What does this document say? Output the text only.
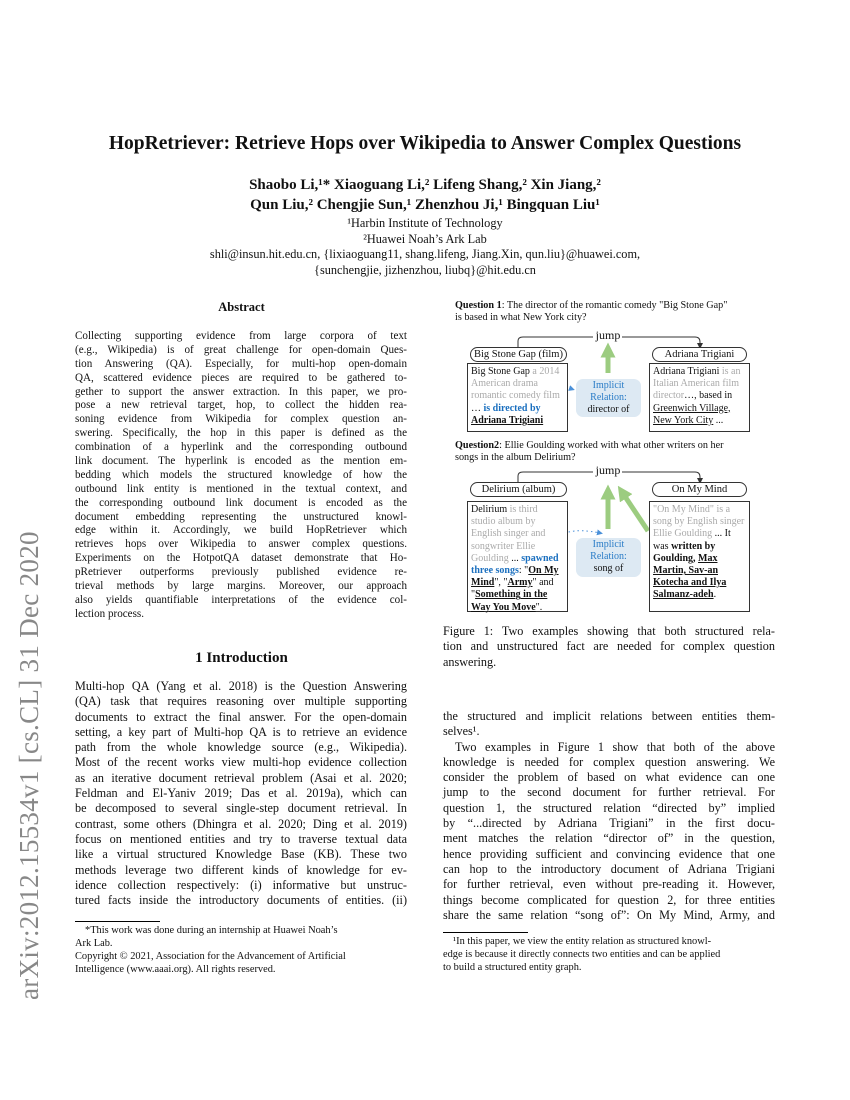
arXiv:2012.15534v1 [cs.CL] 31 Dec 2020
HopRetriever: Retrieve Hops over Wikipedia to Answer Complex Questions
Shaobo Li,¹* Xiaoguang Li,² Lifeng Shang,² Xin Jiang,²
Qun Liu,² Chengjie Sun,¹ Zhenzhou Ji,¹ Bingquan Liu¹
¹Harbin Institute of Technology
²Huawei Noah’s Ark Lab
shli@insun.hit.edu.cn, {lixiaoguang11, shang.lifeng, Jiang.Xin, qun.liu}@huawei.com,
{sunchengjie, jizhenzhou, liubq}@hit.edu.cn
Abstract
Collecting supporting evidence from large corpora of text
(e.g., Wikipedia) is of great challenge for open-domain Ques-
tion Answering (QA). Especially, for multi-hop open-domain
QA, scattered evidence pieces are required to be gathered to-
gether to support the answer extraction. In this paper, we pro-
pose a new retrieval target, hop, to collect the hidden rea-
soning evidence from Wikipedia for complex question an-
swering. Specifically, the hop in this paper is defined as the
combination of a hyperlink and the corresponding outbound
link document. The hyperlink is encoded as the mention em-
bedding which models the structured knowledge of how the
outbound link entity is mentioned in the textual context, and
the corresponding outbound link document is encoded as the
document embedding representing the unstructured knowl-
edge within it. Accordingly, we build HopRetriever which
retrieves hops over Wikipedia to answer complex questions.
Experiments on the HotpotQA dataset demonstrate that Ho-
pRetriever outperforms previously published evidence re-
trieval methods by large margins. Moreover, our approach
also yields quantifiable interpretations of the evidence col-
lection process.
1 Introduction
Multi-hop QA (Yang et al. 2018) is the Question Answering
(QA) task that requires reasoning over multiple supporting
documents to extract the final answer. For the open-domain
setting, a key part of Multi-hop QA is to retrieve an evidence
path from the whole knowledge source (e.g., Wikipedia).
Most of the recent works view multi-hop evidence collection
as an iterative document retrieval problem (Asai et al. 2020;
Feldman and El-Yaniv 2019; Das et al. 2019a), which can
be decomposed to several single-step document retrieval. In
contrast, some others (Dhingra et al. 2020; Ding et al. 2019)
focus on mentioned entities and try to traverse textual data
like a virtual structured Knowledge Base (KB). These two
methods leverage two different kinds of knowledge for ev-
idence collection respectively: (i) informative but unstruc-
tured facts inside the introductory documents of entities. (ii)
*This work was done during an internship at Huawei Noah’s
Ark Lab.
Copyright © 2021, Association for the Advancement of Artificial
Intelligence (www.aaai.org). All rights reserved.
Question 1: The director of the romantic comedy "Big Stone Gap"
is based in what New York city?
jump
Big Stone Gap (film)	Adriana Trigiani
Big Stone Gap a 2014 American drama romantic comedy film
… is directed by
Adriana Trigiani
Adriana Trigiani is an Italian American film director…, based in Greenwich Village, New York City ...
Implicit Relation:
director of
Question2: Ellie Goulding worked with what other writers on her
songs in the album Delirium?
jump
Delirium (album)	On My Mind
Delirium is third studio album by English singer and songwriter Ellie Goulding ... spawned three songs: "On My Mind", "Army" and "Something in the Way You Move".
"On My Mind" is a song by English singer Ellie Goulding ... It was written by Goulding, Max Martin, Sav-an Kotecha and Ilya Salmanz-adeh.
Implicit Relation:
song of
Figure 1: Two examples showing that both structured rela-
tion and unstructured fact are needed for complex question
answering.
the structured and implicit relations between entities them-
selves¹.
Two examples in Figure 1 show that both of the above
knowledge is needed for complex question answering. We
consider the problem of based on what evidence can one
jump to the second document for further retrieval. For
question 1, the structured relation “directed by” implied
by “...directed by Adriana Trigiani” in the first docu-
ment matches the relation “director of” in the question,
hence providing sufficient and convincing evidence that one
can hop to the introductory document of Adriana Trigiani
for further retrieval, even without pre-reading it. However,
things become complicated for question 2, for three entities
share the same relation “song of”: On My Mind, Army, and
¹In this paper, we view the entity relation as structured knowl-
edge is because it directly connects two entities and can be applied
to build a structured entity graph.
